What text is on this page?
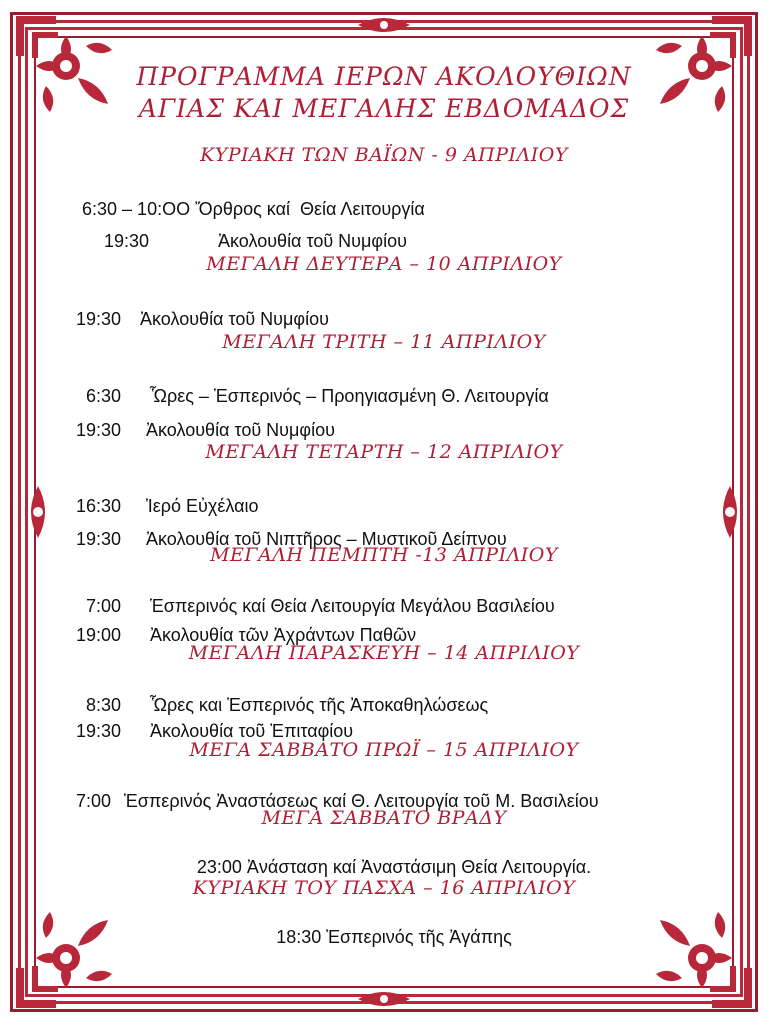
ΠΡΟΓΡΑΜΜΑ ΙΕΡΩΝ ΑΚΟΛΟΥΘΙΩΝ
ΑΓΙΑΣ ΚΑΙ ΜΕΓΑΛΗΣ ΕΒΔΟΜΑΔΟΣ
ΚΥΡΙΑΚΗ ΤΩΝ ΒΑΪΩΝ - 9 ΑΠΡΙΛΙΟΥ

6:30 – 10:ΟΟ Ὄρθρος καί  Θεία Λειτουργία

19:30	Ἀκολουθία τοῦ Νυμφίου

ΜΕΓΑΛΗ ΔΕΥΤΕΡΑ – 10 ΑΠΡΙΛΙΟΥ

19:30 Ἀκολουθία τοῦ Νυμφίου

ΜΕΓΑΛΗ ΤΡΙΤΗ – 11 ΑΠΡΙΛΙΟΥ

6:30 Ὧρες – Ἑσπερινός – Προηγιασμένη Θ. Λειτουργία

19:30 Ἀκολουθία τοῦ Νυμφίου

ΜΕΓΑΛΗ ΤΕΤΑΡΤΗ – 12 ΑΠΡΙΛΙΟΥ

16:30 Ἱερό Εὐχέλαιο

19:30 Ἀκολουθία τοῦ Νιπτῆρος – Μυστικοῦ Δείπνου

ΜΕΓΑΛΗ ΠΕΜΠΤΗ -13 ΑΠΡΙΛΙΟΥ

7:00 Ἑσπερινός καί Θεία Λειτουργία Μεγάλου Βασιλείου

19:00 Ἀκολουθία τῶν Ἀχράντων Παθῶν

ΜΕΓΑΛΗ ΠΑΡΑΣΚΕΥΗ – 14 ΑΠΡΙΛΙΟΥ

8:30 Ὧρες και Ἑσπερινός τῆς Ἀποκαθηλώσεως

19:30 Ἀκολουθία τοῦ Ἐπιταφίου

ΜΕΓΑ ΣΑΒΒΑΤΟ ΠΡΩΪ – 15 ΑΠΡΙΛΙΟΥ

7:00 Ἑσπερινός Ἀναστάσεως καί Θ. Λειτουργία τοῦ Μ. Βασιλείου

ΜΕΓΑ ΣΑΒΒΑΤΟ ΒΡΑΔΥ

23:00 Ἀνάσταση καί Ἀναστάσιμη Θεία Λειτουργία.

ΚΥΡΙΑΚΗ ΤΟΥ ΠΑΣΧΑ – 16 ΑΠΡΙΛΙΟΥ

18:30 Ἑσπερινός τῆς Ἀγάπης
